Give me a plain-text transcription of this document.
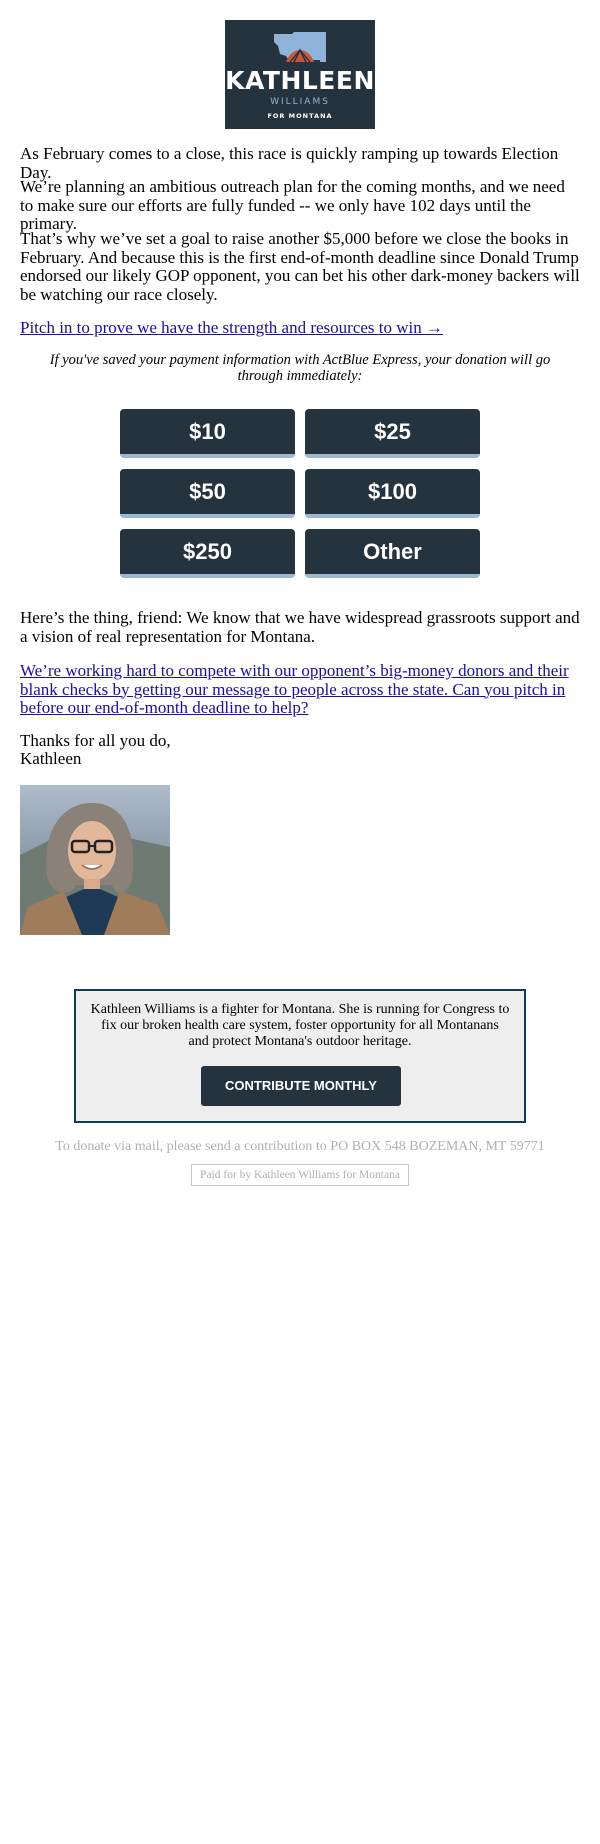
KATHLEEN
WILLIAMS
FOR MONTANA

As February comes to a close, this race is quickly ramping up towards Election Day.

We’re planning an ambitious outreach plan for the coming months, and we need to make sure our efforts are fully funded -- we only have 102 days until the primary.

That’s why we’ve set a goal to raise another $5,000 before we close the books in February. And because this is the first end-of-month deadline since Donald Trump endorsed our likely GOP opponent, you can bet his other dark-money backers will be watching our race closely.

Pitch in to prove we have the strength and resources to win →

If you've saved your payment information with ActBlue Express, your donation will go through immediately:
$10	$25
$50	$100
$250	Other

Here’s the thing, friend: We know that we have widespread grassroots support and a vision of real representation for Montana.

We’re working hard to compete with our opponent’s big-money donors and their blank checks by getting our message to people across the state. Can you pitch in before our end-of-month deadline to help?

Thanks for all you do,

Kathleen

Kathleen Williams is a fighter for Montana. She is running for Congress to fix our broken health care system, foster opportunity for all Montanans and protect Montana's outdoor heritage.
CONTRIBUTE MONTHLY
To donate via mail, please send a contribution to PO BOX 548 BOZEMAN, MT 59771
Paid for by Kathleen Williams for Montana
